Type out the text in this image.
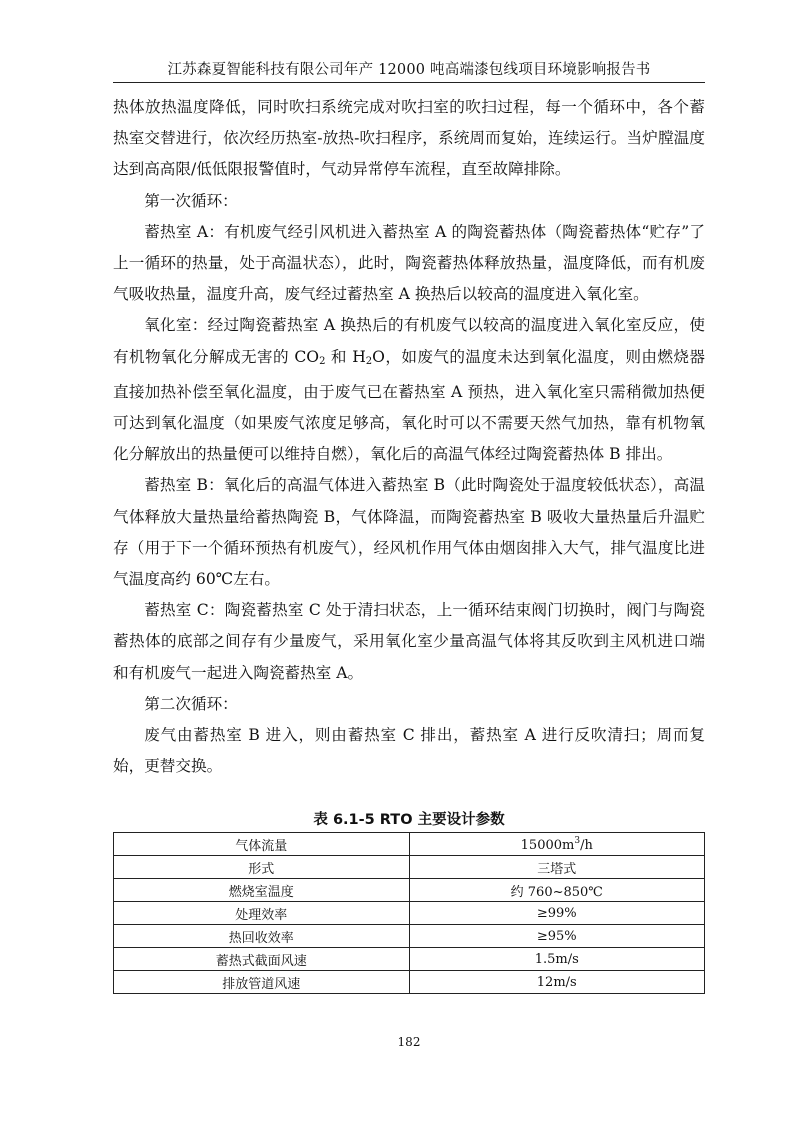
江苏森夏智能科技有限公司年产 12000 吨高端漆包线项目环境影响报告书

热体放热温度降低，同时吹扫系统完成对吹扫室的吹扫过程，每一个循环中，各个蓄热室交替进行，依次经历热室-放热-吹扫程序，系统周而复始，连续运行。当炉膛温度达到高高限/低低限报警值时，气动异常停车流程，直至故障排除。

第一次循环：

蓄热室 A：有机废气经引风机进入蓄热室 A 的陶瓷蓄热体（陶瓷蓄热体“贮存”了上一循环的热量，处于高温状态），此时，陶瓷蓄热体释放热量，温度降低，而有机废气吸收热量，温度升高，废气经过蓄热室 A 换热后以较高的温度进入氧化室。

氧化室：经过陶瓷蓄热室 A 换热后的有机废气以较高的温度进入氧化室反应，使有机物氧化分解成无害的 $CO_2$ 和 $H_2O$，如废气的温度未达到氧化温度，则由燃烧器直接加热补偿至氧化温度，由于废气已在蓄热室 A 预热，进入氧化室只需稍微加热便可达到氧化温度（如果废气浓度足够高，氧化时可以不需要天然气加热，靠有机物氧化分解放出的热量便可以维持自燃），氧化后的高温气体经过陶瓷蓄热体 B 排出。

蓄热室 B：氧化后的高温气体进入蓄热室 B（此时陶瓷处于温度较低状态），高温气体释放大量热量给蓄热陶瓷 B，气体降温，而陶瓷蓄热室 B 吸收大量热量后升温贮存（用于下一个循环预热有机废气），经风机作用气体由烟囱排入大气，排气温度比进气温度高约 60℃左右。

蓄热室 C：陶瓷蓄热室 C 处于清扫状态，上一循环结束阀门切换时，阀门与陶瓷蓄热体的底部之间存有少量废气，采用氧化室少量高温气体将其反吹到主风机进口端和有机废气一起进入陶瓷蓄热室 A。

第二次循环：

废气由蓄热室 B 进入，则由蓄热室 C 排出，蓄热室 A 进行反吹清扫；周而复始，更替交换。

表 6.1-5 RTO 主要设计参数
气体流量	$15000m^3/h$
形式	三塔式
燃烧室温度	约 760~850℃
处理效率	≥99%
热回收效率	≥95%
蓄热式截面风速	1.5m/s
排放管道风速	12m/s
182
